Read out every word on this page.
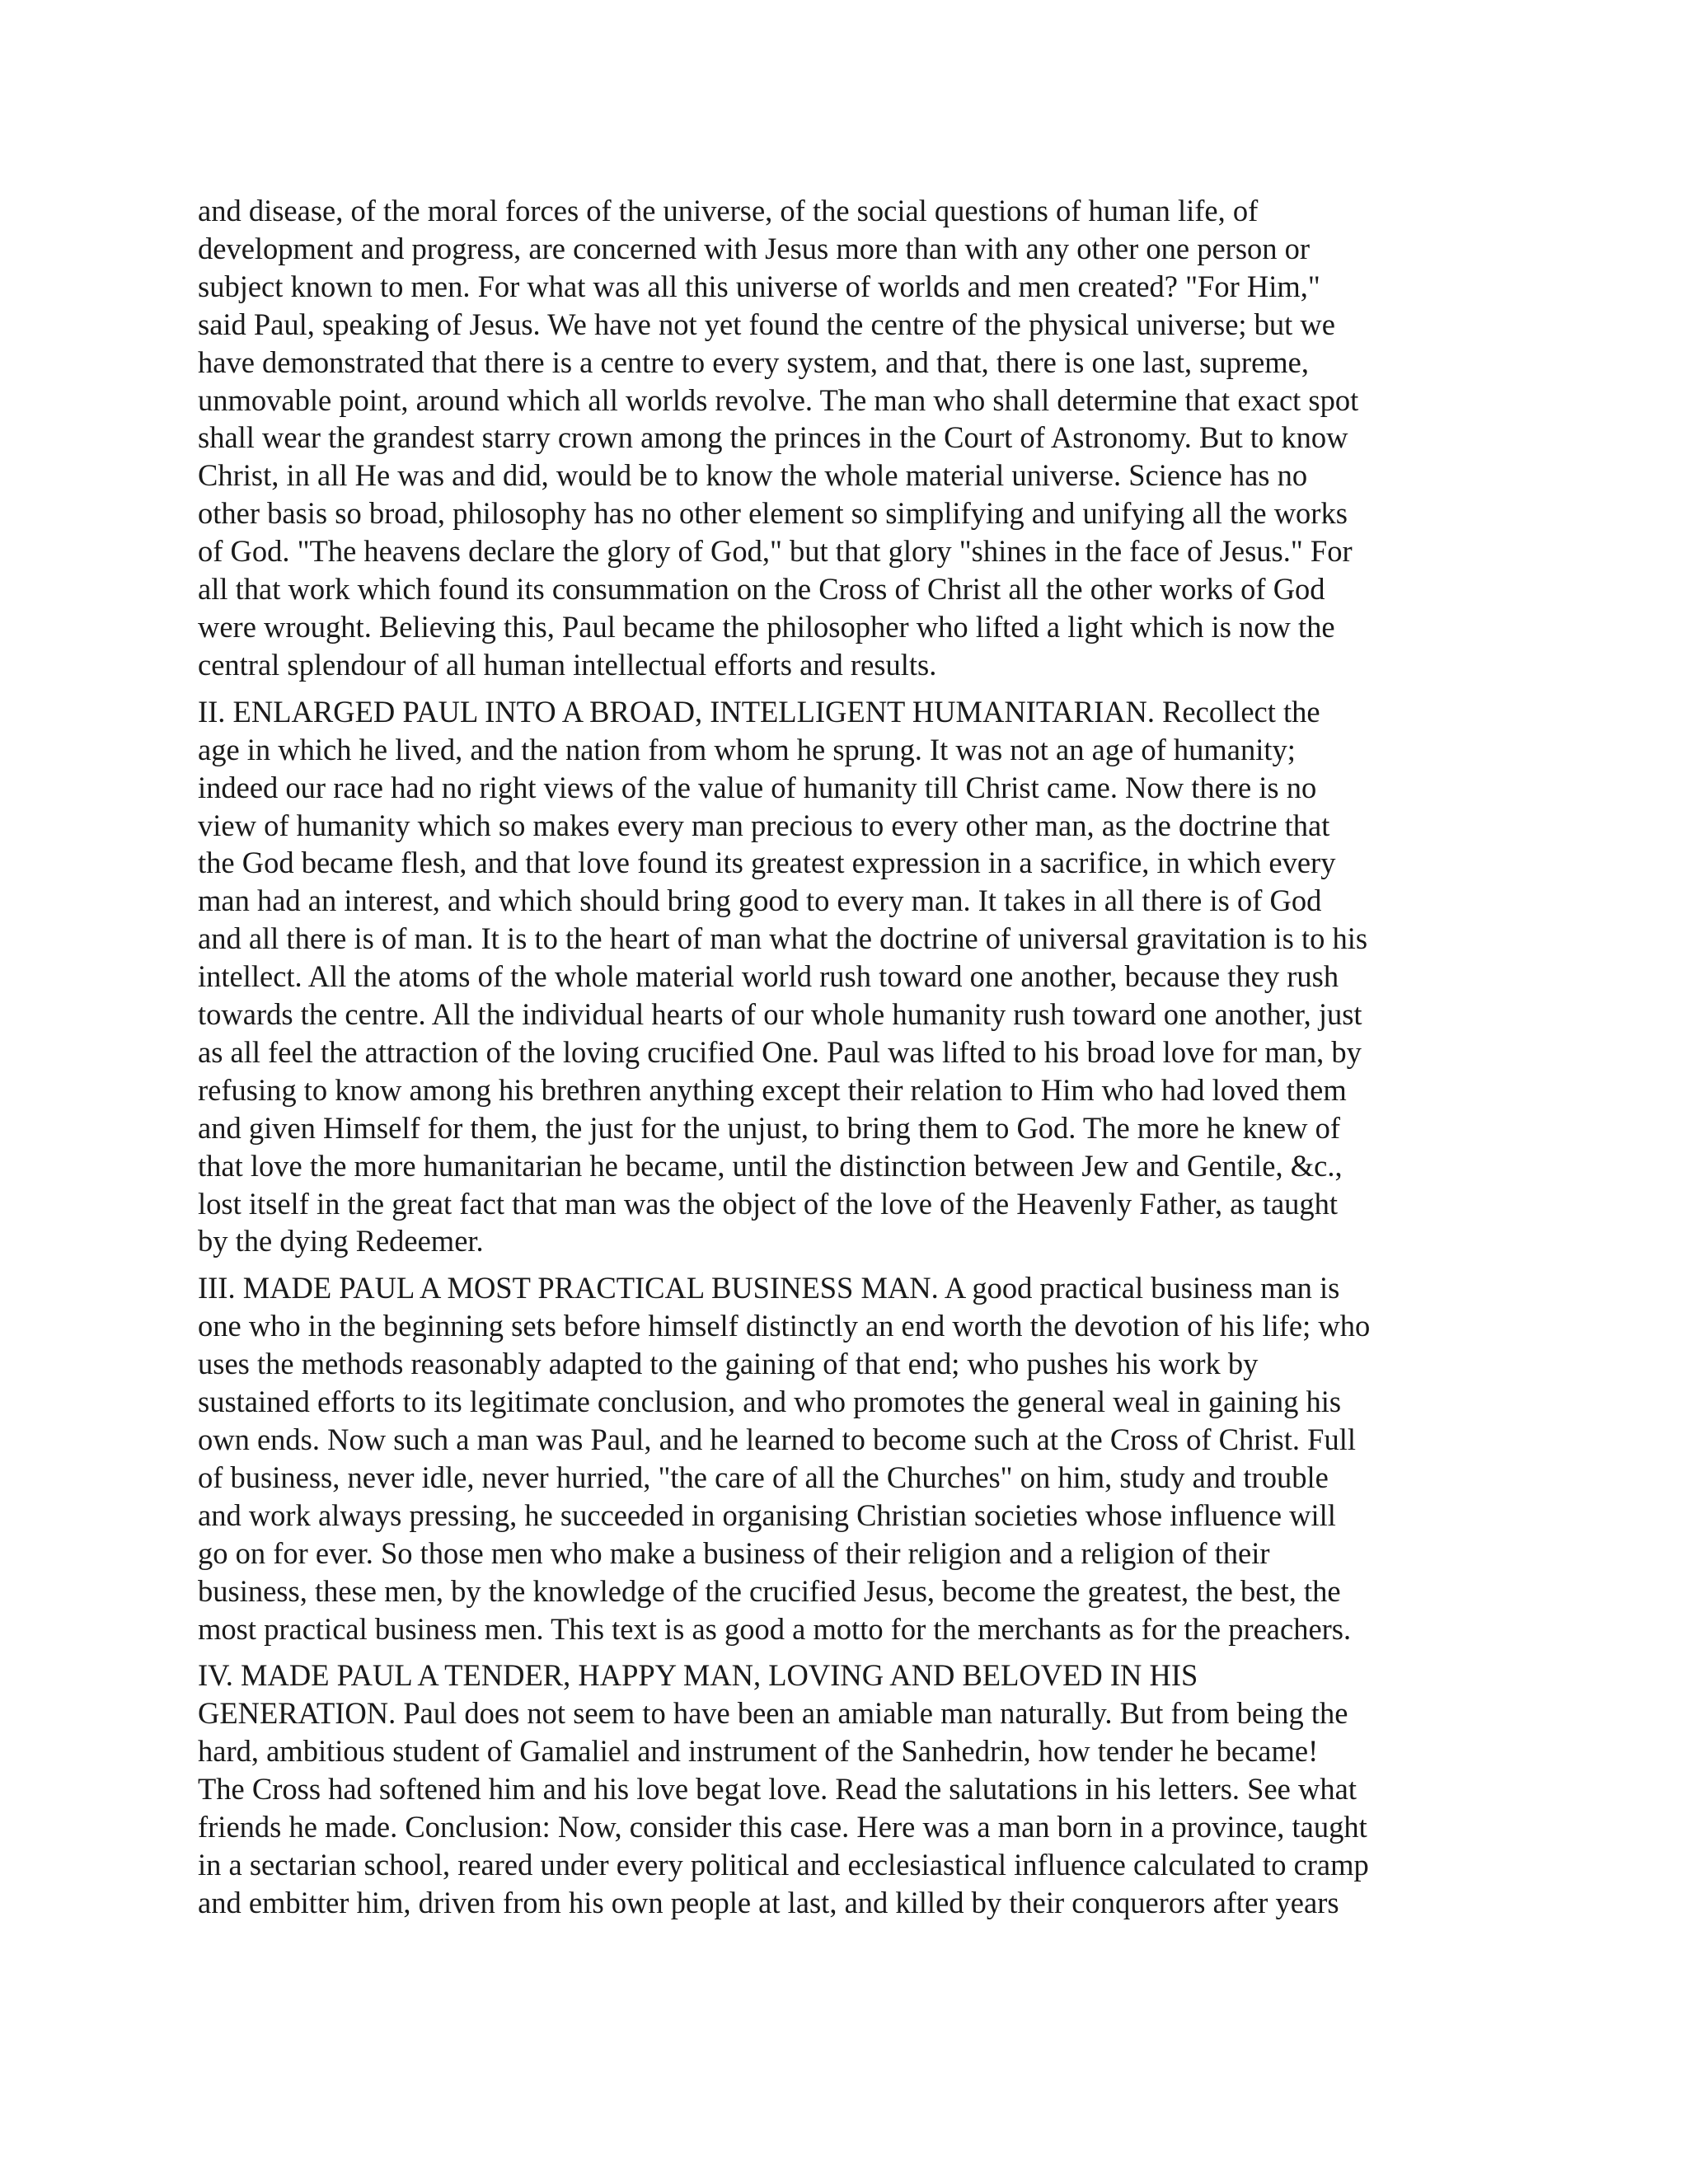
and disease, of the moral forces of the universe, of the social questions of human life, of
development and progress, are concerned with Jesus more than with any other one person or
subject known to men. For what was all this universe of worlds and men created? "For Him,"
said Paul, speaking of Jesus. We have not yet found the centre of the physical universe; but we
have demonstrated that there is a centre to every system, and that, there is one last, supreme,
unmovable point, around which all worlds revolve. The man who shall determine that exact spot
shall wear the grandest starry crown among the princes in the Court of Astronomy. But to know
Christ, in all He was and did, would be to know the whole material universe. Science has no
other basis so broad, philosophy has no other element so simplifying and unifying all the works
of God. "The heavens declare the glory of God," but that glory "shines in the face of Jesus." For
all that work which found its consummation on the Cross of Christ all the other works of God
were wrought. Believing this, Paul became the philosopher who lifted a light which is now the
central splendour of all human intellectual efforts and results.
II. ENLARGED PAUL INTO A BROAD, INTELLIGENT HUMANITARIAN. Recollect the
age in which he lived, and the nation from whom he sprung. It was not an age of humanity;
indeed our race had no right views of the value of humanity till Christ came. Now there is no
view of humanity which so makes every man precious to every other man, as the doctrine that
the God became flesh, and that love found its greatest expression in a sacrifice, in which every
man had an interest, and which should bring good to every man. It takes in all there is of God
and all there is of man. It is to the heart of man what the doctrine of universal gravitation is to his
intellect. All the atoms of the whole material world rush toward one another, because they rush
towards the centre. All the individual hearts of our whole humanity rush toward one another, just
as all feel the attraction of the loving crucified One. Paul was lifted to his broad love for man, by
refusing to know among his brethren anything except their relation to Him who had loved them
and given Himself for them, the just for the unjust, to bring them to God. The more he knew of
that love the more humanitarian he became, until the distinction between Jew and Gentile, &c.,
lost itself in the great fact that man was the object of the love of the Heavenly Father, as taught
by the dying Redeemer.
III. MADE PAUL A MOST PRACTICAL BUSINESS MAN. A good practical business man is
one who in the beginning sets before himself distinctly an end worth the devotion of his life; who
uses the methods reasonably adapted to the gaining of that end; who pushes his work by
sustained efforts to its legitimate conclusion, and who promotes the general weal in gaining his
own ends. Now such a man was Paul, and he learned to become such at the Cross of Christ. Full
of business, never idle, never hurried, "the care of all the Churches" on him, study and trouble
and work always pressing, he succeeded in organising Christian societies whose influence will
go on for ever. So those men who make a business of their religion and a religion of their
business, these men, by the knowledge of the crucified Jesus, become the greatest, the best, the
most practical business men. This text is as good a motto for the merchants as for the preachers.
IV. MADE PAUL A TENDER, HAPPY MAN, LOVING AND BELOVED IN HIS
GENERATION. Paul does not seem to have been an amiable man naturally. But from being the
hard, ambitious student of Gamaliel and instrument of the Sanhedrin, how tender he became!
The Cross had softened him and his love begat love. Read the salutations in his letters. See what
friends he made. Conclusion: Now, consider this case. Here was a man born in a province, taught
in a sectarian school, reared under every political and ecclesiastical influence calculated to cramp
and embitter him, driven from his own people at last, and killed by their conquerors after years
